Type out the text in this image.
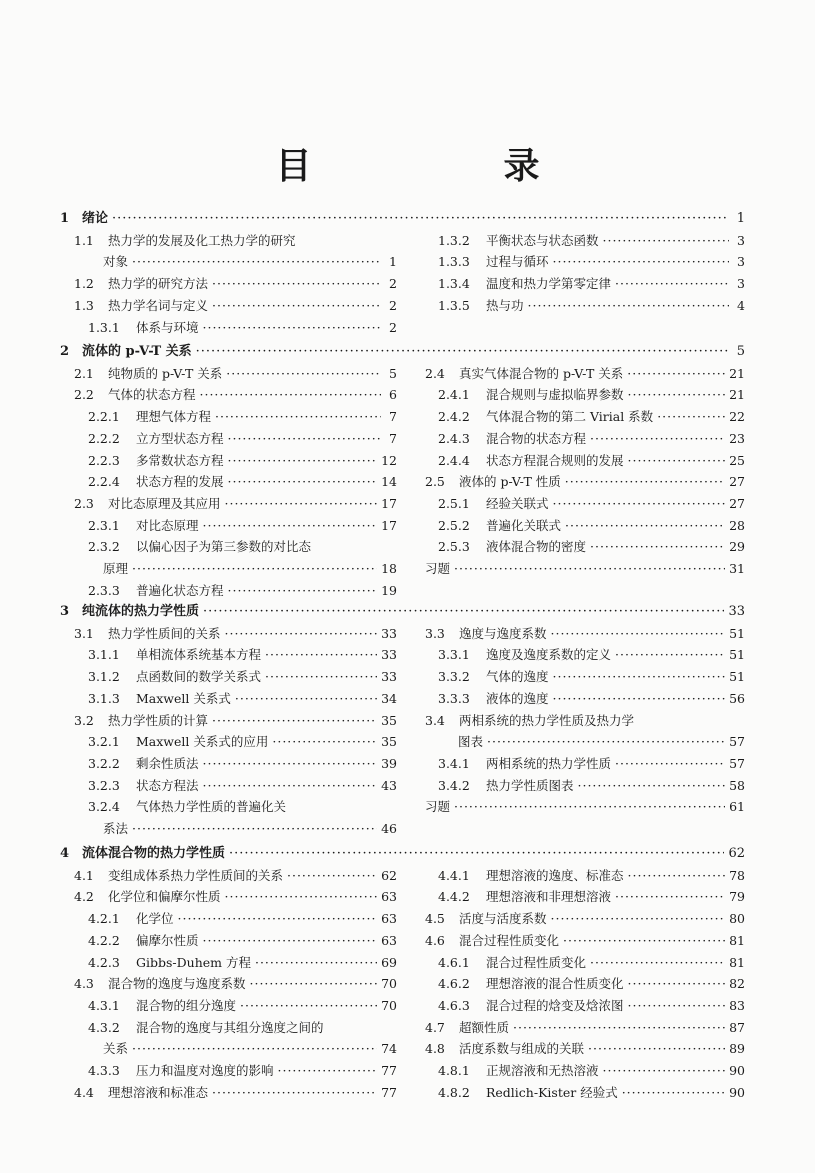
目　录
1 绪论 ·····	1
1.1	热力学的发展及化工热力学的研究
对象 ·····	1
1.2	热力学的研究方法 ·····	2
1.3	热力学名词与定义 ·····	2
1.3.1	体系与环境 ·····	2
1.3.2	平衡状态与状态函数 ·····	3
1.3.3	过程与循环 ·····	3
1.3.4	温度和热力学第零定律 ·····	3
1.3.5	热与功 ·····	4
2 流体的 p-V-T 关系 ·····	5
2.1	纯物质的 p-V-T 关系 ·····	5
2.2	气体的状态方程 ·····	6
2.2.1	理想气体方程 ·····	7
2.2.2	立方型状态方程 ·····	7
2.2.3	多常数状态方程 ·····	12
2.2.4	状态方程的发展 ·····	14
2.3	对比态原理及其应用 ·····	17
2.3.1	对比态原理 ·····	17
2.3.2	以偏心因子为第三参数的对比态
原理 ·····	18
2.3.3	普遍化状态方程 ·····	19
2.4	真实气体混合物的 p-V-T 关系 ·····	21
2.4.1	混合规则与虚拟临界参数 ·····	21
2.4.2	气体混合物的第二 Virial 系数 ·····	22
2.4.3	混合物的状态方程 ·····	23
2.4.4	状态方程混合规则的发展 ·····	25
2.5	液体的 p-V-T 性质 ·····	27
2.5.1	经验关联式 ·····	27
2.5.2	普遍化关联式 ·····	28
2.5.3	液体混合物的密度 ·····	29
习题 ·····	31
3 纯流体的热力学性质 ·····	33
3.1	热力学性质间的关系 ·····	33
3.1.1	单相流体系统基本方程 ·····	33
3.1.2	点函数间的数学关系式 ·····	33
3.1.3	Maxwell 关系式 ·····	34
3.2	热力学性质的计算 ·····	35
3.2.1	Maxwell 关系式的应用 ·····	35
3.2.2	剩余性质法 ·····	39
3.2.3	状态方程法 ·····	43
3.2.4	气体热力学性质的普遍化关
系法 ·····	46
3.3	逸度与逸度系数 ·····	51
3.3.1	逸度及逸度系数的定义 ·····	51
3.3.2	气体的逸度 ·····	51
3.3.3	液体的逸度 ·····	56
3.4	两相系统的热力学性质及热力学
图表 ·····	57
3.4.1	两相系统的热力学性质 ·····	57
3.4.2	热力学性质图表 ·····	58
习题 ·····	61
4 流体混合物的热力学性质 ·····	62
4.1	变组成体系热力学性质间的关系 ·····	62
4.2	化学位和偏摩尔性质 ·····	63
4.2.1	化学位 ·····	63
4.2.2	偏摩尔性质 ·····	63
4.2.3	Gibbs-Duhem 方程 ·····	69
4.3	混合物的逸度与逸度系数 ·····	70
4.3.1	混合物的组分逸度 ·····	70
4.3.2	混合物的逸度与其组分逸度之间的
关系 ·····	74
4.3.3	压力和温度对逸度的影响 ·····	77
4.4	理想溶液和标准态 ·····	77
4.4.1	理想溶液的逸度、标准态 ·····	78
4.4.2	理想溶液和非理想溶液 ·····	79
4.5	活度与活度系数 ·····	80
4.6	混合过程性质变化 ·····	81
4.6.1	混合过程性质变化 ·····	81
4.6.2	理想溶液的混合性质变化 ·····	82
4.6.3	混合过程的焓变及焓浓图 ·····	83
4.7	超额性质 ·····	87
4.8	活度系数与组成的关联 ·····	89
4.8.1	正规溶液和无热溶液 ·····	90
4.8.2	Redlich-Kister 经验式 ·····	90
